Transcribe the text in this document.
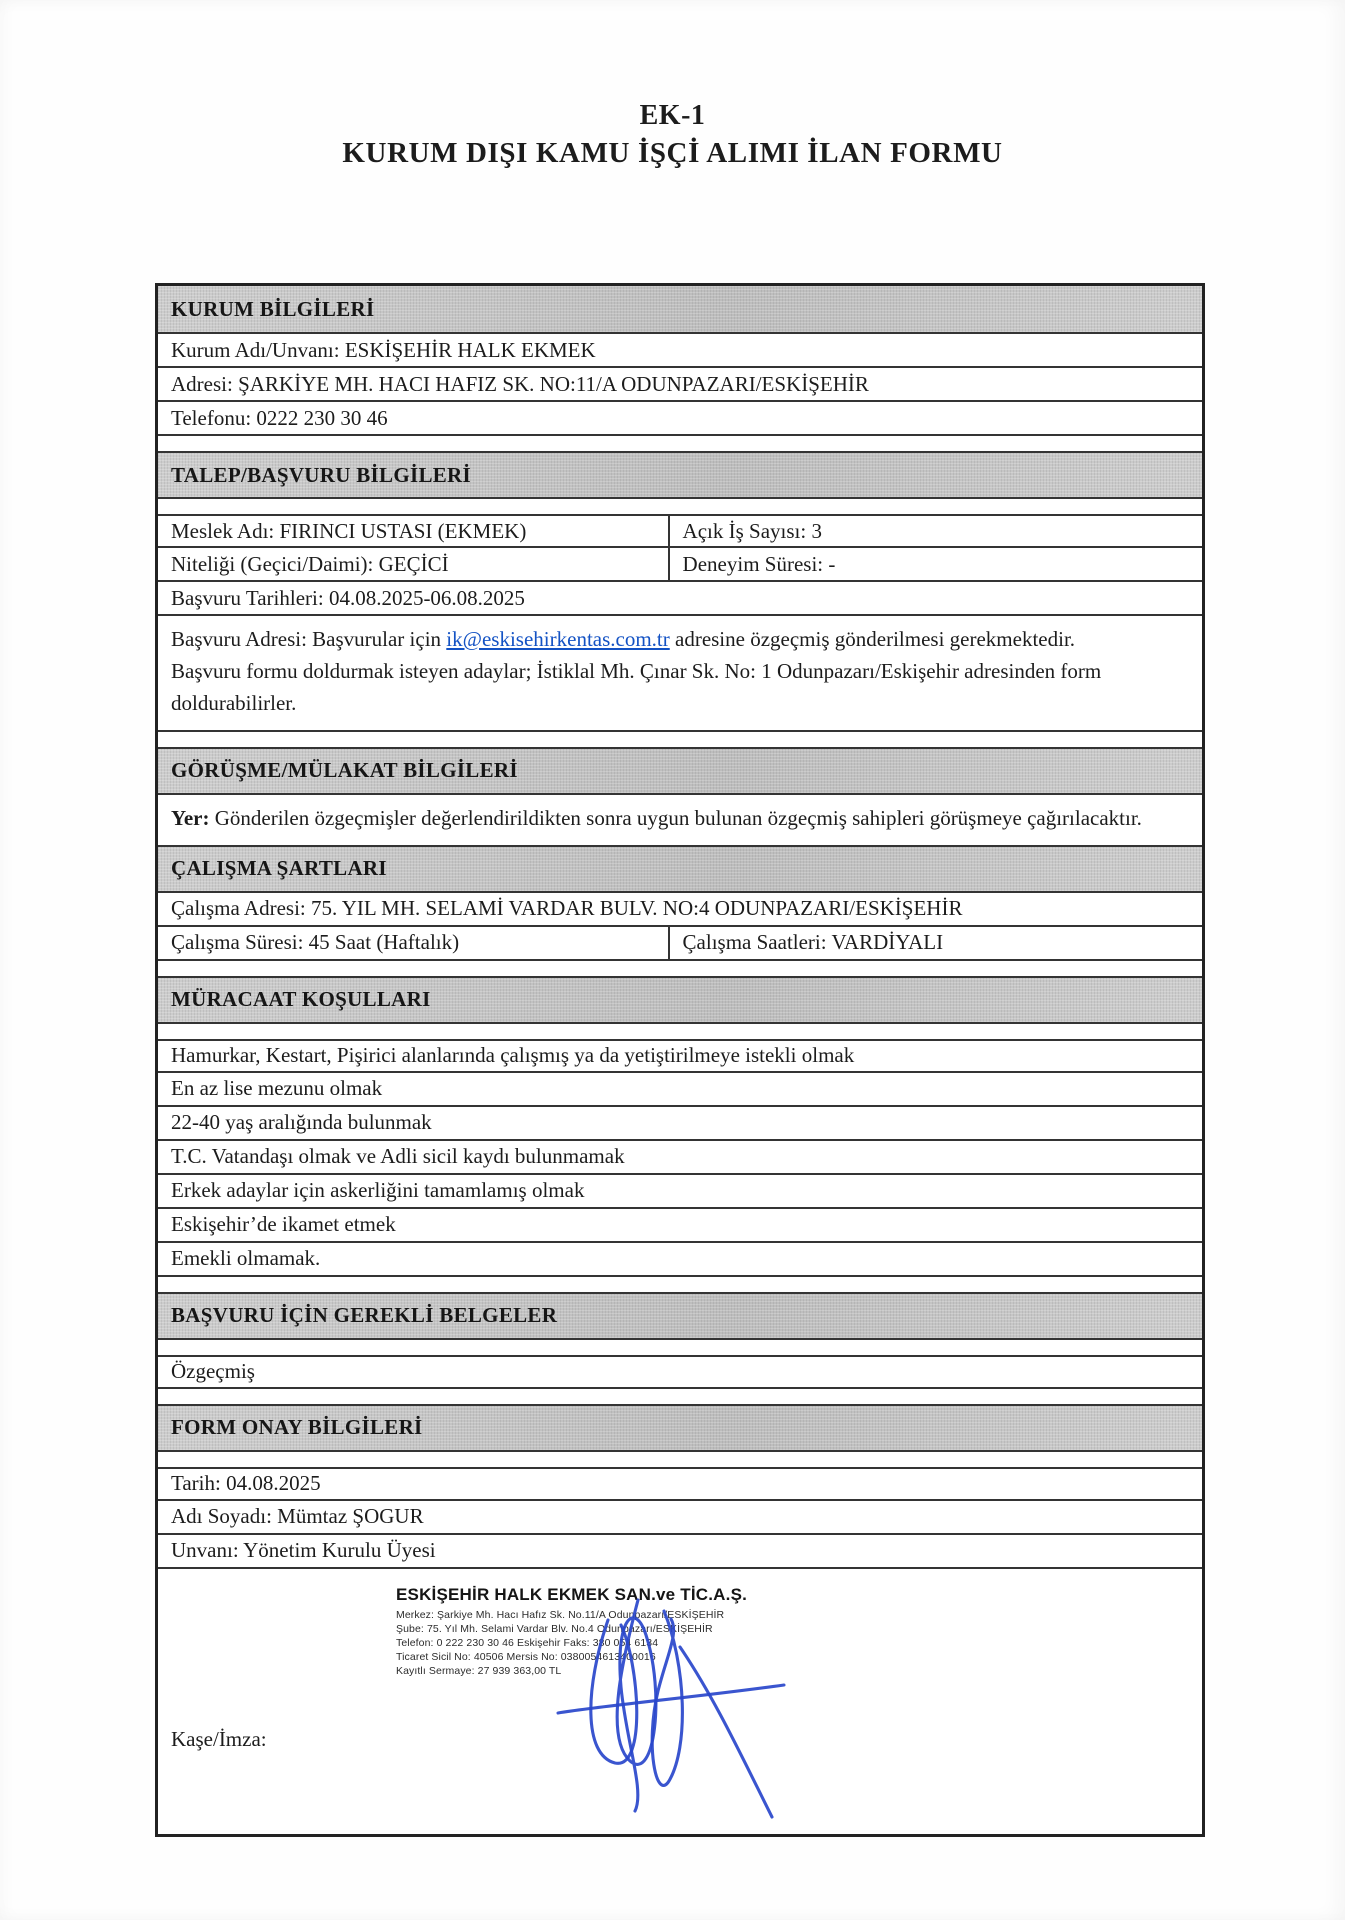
EK-1
KURUM DIŞI KAMU İŞÇİ ALIMI İLAN FORMU
KURUM BİLGİLERİ
Kurum Adı/Unvanı: ESKİŞEHİR HALK EKMEK
Adresi: ŞARKİYE MH. HACI HAFIZ SK. NO:11/A ODUNPAZARI/ESKİŞEHİR
Telefonu: 0222 230 30 46
TALEP/BAŞVURU BİLGİLERİ
Meslek Adı: FIRINCI USTASI (EKMEK)	Açık İş Sayısı: 3
Niteliği (Geçici/Daimi): GEÇİCİ	Deneyim Süresi: -
Başvuru Tarihleri: 04.08.2025-06.08.2025

Başvuru Adresi: Başvurular için ik@eskisehirkentas.com.tr adresine özgeçmiş gönderilmesi gerekmektedir.

Başvuru formu doldurmak isteyen adaylar; İstiklal Mh. Çınar Sk. No: 1 Odunpazarı/Eskişehir adresinden form doldurabilirler.

GÖRÜŞME/MÜLAKAT BİLGİLERİ

Yer: Gönderilen özgeçmişler değerlendirildikten sonra uygun bulunan özgeçmiş sahipleri görüşmeye çağırılacaktır.

ÇALIŞMA ŞARTLARI
Çalışma Adresi: 75. YIL MH. SELAMİ VARDAR BULV. NO:4 ODUNPAZARI/ESKİŞEHİR
Çalışma Süresi: 45 Saat (Haftalık)	Çalışma Saatleri: VARDİYALI
MÜRACAAT KOŞULLARI
Hamurkar, Kestart, Pişirici alanlarında çalışmış ya da yetiştirilmeye istekli olmak
En az lise mezunu olmak
22-40 yaş aralığında bulunmak
T.C. Vatandaşı olmak ve Adli sicil kaydı bulunmamak
Erkek adaylar için askerliğini tamamlamış olmak
Eskişehir’de ikamet etmek
Emekli olmamak.
BAŞVURU İÇİN GEREKLİ BELGELER
Özgeçmiş
FORM ONAY BİLGİLERİ
Tarih: 04.08.2025
Adı Soyadı: Mümtaz ŞOGUR
Unvanı: Yönetim Kurulu Üyesi
Kaşe/İmza:
ESKİŞEHİR HALK EKMEK SAN.ve TİC.A.Ş.
Merkez: Şarkiye Mh. Hacı Hafız Sk. No.11/A Odunpazarı/ESKİŞEHİR
Şube: 75. Yıl Mh. Selami Vardar Blv. No.4 Odunpazarı/ESKİŞEHİR
Telefon: 0 222 230 30 46 Eskişehir Faks: 380 054 6134
Ticaret Sicil No: 40506 Mersis No: 0380054613400016
Kayıtlı Sermaye: 27 939 363,00 TL
